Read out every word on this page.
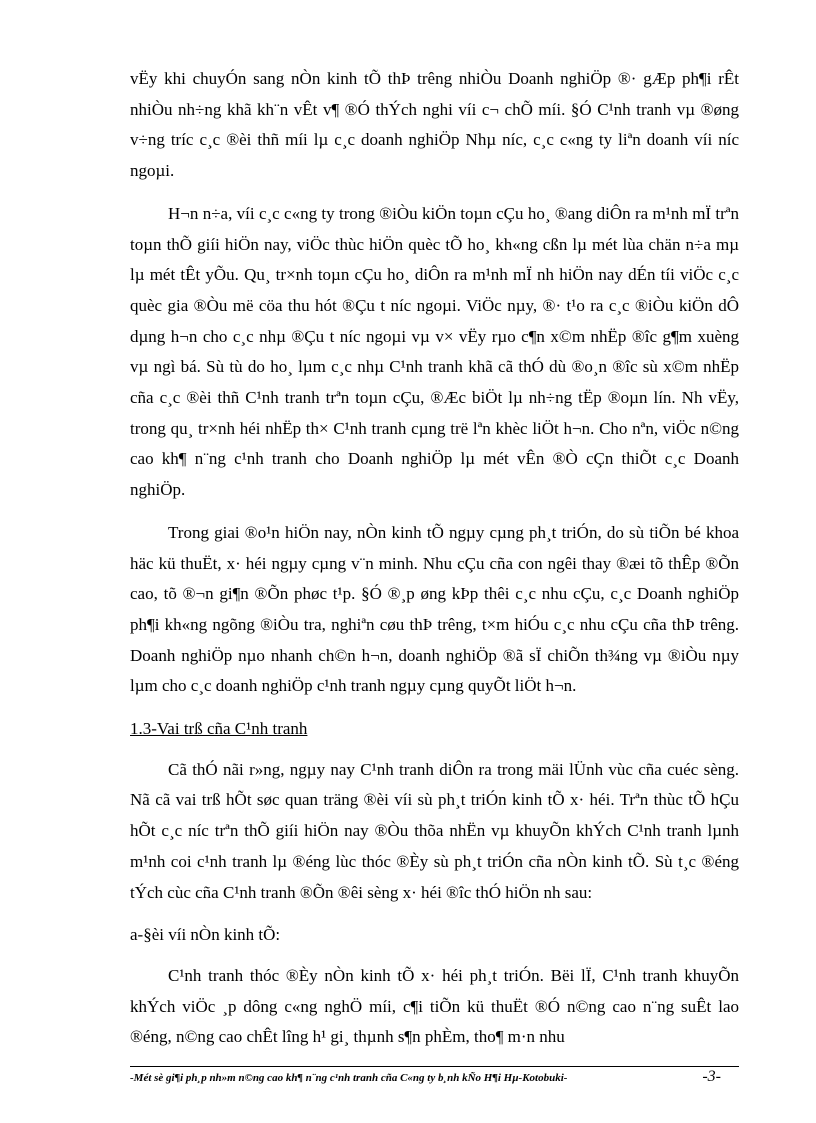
vËy khi chuyÓn sang nÒn kinh tÕ thÞ trêng nhiÒu Doanh nghiÖp ®· gÆp ph¶i rÊt nhiÒu nh÷ng khã kh¨n vÊt v¶ ®Ó thÝch nghi víi c¬ chÕ míi. §Ó C¹nh tranh vµ ®øng v÷ng tríc c¸c ®èi thñ míi lµ c¸c doanh nghiÖp Nhµ níc, c¸c c«ng ty liªn doanh víi níc ngoµi.

H¬n n÷a, víi c¸c c«ng ty trong ®iÒu kiÖn toµn cÇu ho¸ ®ang diÔn ra m¹nh mÏ trªn toµn thÕ giíi hiÖn nay, viÖc thùc hiÖn quèc tÕ ho¸ kh«ng cßn lµ mét lùa chän n÷a mµ lµ mét tÊt yÕu. Qu¸ tr×nh toµn cÇu ho¸ diÔn ra m¹nh mÏ nh hiÖn nay dÉn tíi viÖc c¸c quèc gia ®Òu më cöa thu hót ®Çu t níc ngoµi. ViÖc nµy, ®· t¹o ra c¸c ®iÒu kiÖn dÔ dµng h¬n cho c¸c nhµ ®Çu t níc ngoµi vµ v× vËy rµo c¶n x©m nhËp ®îc g¶m xuèng vµ ngì bá. Sù tù do ho¸ lµm c¸c nhµ C¹nh tranh khã cã thÓ dù ®o¸n ®îc sù x©m nhËp cña c¸c ®èi thñ C¹nh tranh trªn toµn cÇu, ®Æc biÖt lµ nh÷ng tËp ®oµn lín. Nh vËy, trong qu¸ tr×nh héi nhËp th× C¹nh tranh cµng trë lªn khèc liÖt h¬n. Cho nªn, viÖc n©ng cao kh¶ n¨ng c¹nh tranh cho Doanh nghiÖp lµ mét vÊn ®Ò cÇn thiÕt c¸c Doanh nghiÖp.

Trong giai ®o¹n hiÖn nay, nÒn kinh tÕ ngµy cµng ph¸t triÓn, do sù tiÕn bé khoa häc kü thuËt, x· héi ngµy cµng v¨n minh. Nhu cÇu cña con ngêi thay ®æi tõ thÊp ®Õn cao, tõ ®¬n gi¶n ®Õn phøc t¹p. §Ó ®¸p øng kÞp thêi c¸c nhu cÇu, c¸c Doanh nghiÖp ph¶i kh«ng ngõng ®iÒu tra, nghiªn cøu thÞ trêng, t×m hiÓu c¸c nhu cÇu cña thÞ trêng. Doanh nghiÖp nµo nhanh ch©n h¬n, doanh nghiÖp ®ã sÏ chiÕn th¾ng vµ ®iÒu nµy lµm cho c¸c doanh nghiÖp c¹nh tranh ngµy cµng quyÕt liÖt h¬n.

1.3-Vai trß cña C¹nh tranh

Cã thÓ nãi r»ng, ngµy nay C¹nh tranh diÔn ra trong mäi lÜnh vùc cña cuéc sèng. Nã cã vai trß hÕt søc quan träng ®èi víi sù ph¸t triÓn kinh tÕ x· héi. Trªn thùc tÕ hÇu hÕt c¸c níc trªn thÕ giíi hiÖn nay ®Òu thõa nhËn vµ khuyÕn khÝch C¹nh tranh lµnh m¹nh coi c¹nh tranh lµ ®éng lùc thóc ®Èy sù ph¸t triÓn cña nÒn kinh tÕ. Sù t¸c ®éng tÝch cùc cña C¹nh tranh ®Õn ®êi sèng x· héi ®îc thÓ hiÖn nh sau:

a-§èi víi nÒn kinh tÕ:

C¹nh tranh thóc ®Èy nÒn kinh tÕ x· héi ph¸t triÓn. Bëi lÏ, C¹nh tranh khuyÕn khÝch viÖc ¸p dông c«ng nghÖ míi, c¶i tiÕn kü thuËt ®Ó n©ng cao n¨ng suÊt lao ®éng, n©ng cao chÊt lîng h¹ gi¸ thµnh s¶n phÈm, tho¶ m·n nhu

-Mét sè gi¶i ph¸p nh»m n©ng cao kh¶ n¨ng c¹nh tranh cña C«ng ty b¸nh kÑo H¶i Hµ-Kotobuki-	-3-
